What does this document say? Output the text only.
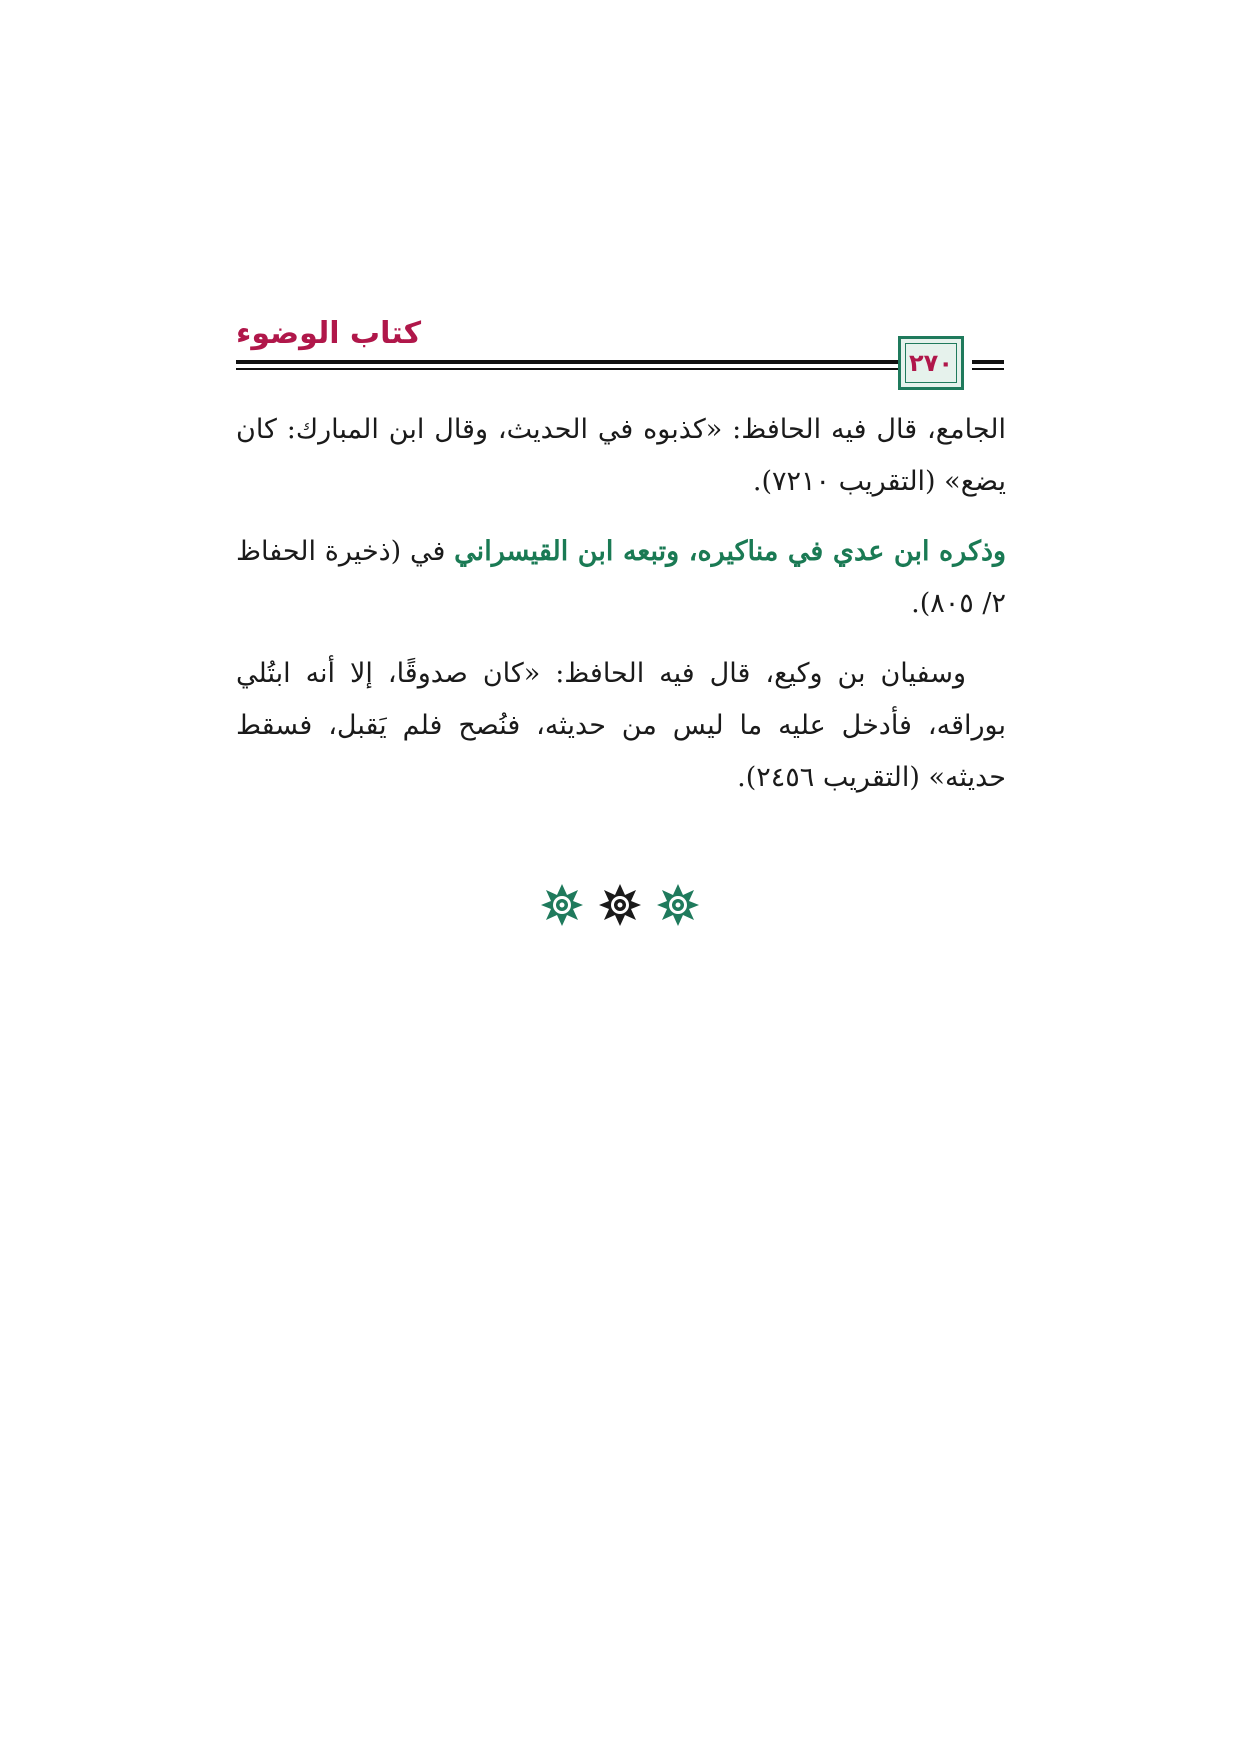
كتاب الوضوء
٢٧٠

الجامع، قال فيه الحافظ: «كذبوه في الحديث، وقال ابن المبارك: كان يضع» (التقريب ٧٢١٠).

وذكره ابن عدي في مناكيره، وتبعه ابن القيسراني في (ذخيرة الحفاظ ٢/ ٨٠٥).

وسفيان بن وكيع، قال فيه الحافظ: «كان صدوقًا، إلا أنه ابتُلي بوراقه، فأدخل عليه ما ليس من حديثه، فنُصح فلم يَقبل، فسقط حديثه» (التقريب ٢٤٥٦).
